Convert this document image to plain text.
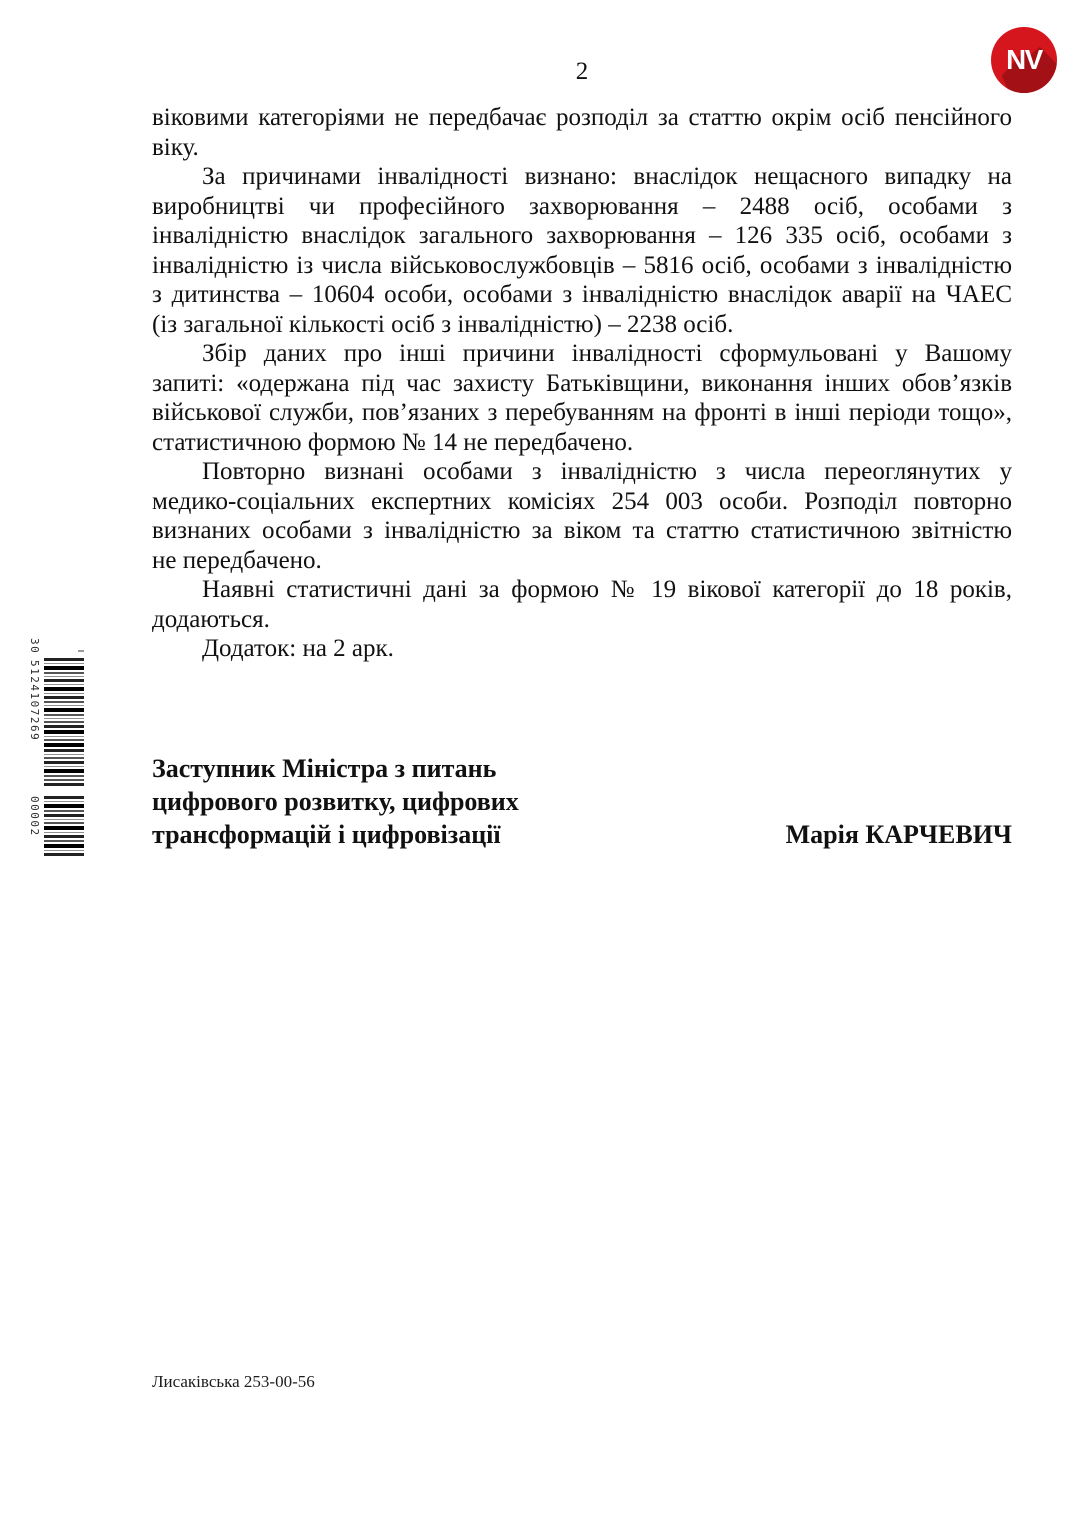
2	NV
віковими категоріями не передбачає розподіл за статтю окрім осіб пенсійного
віку.
За причинами інвалідності визнано: внаслідок нещасного випадку на
виробництві чи професійного захворювання – 2488 осіб, особами з
інвалідністю внаслідок загального захворювання – 126 335 осіб, особами з
інвалідністю із числа військовослужбовців – 5816 осіб, особами з інвалідністю
з дитинства – 10604 особи, особами з інвалідністю внаслідок аварії на ЧАЕС
(із загальної кількості осіб з інвалідністю) – 2238 осіб.
Збір даних про інші причини інвалідності сформульовані у Вашому
запиті: «одержана під час захисту Батьківщини, виконання інших обов’язків
військової служби, пов’язаних з перебуванням на фронті в інші періоди тощо»,
статистичною формою № 14 не передбачено.
Повторно визнані особами з інвалідністю з числа переоглянутих у
медико-соціальних експертних комісіях 254 003 особи. Розподіл повторно
визнаних особами з інвалідністю за віком та статтю статистичною звітністю
не передбачено.
Наявні статистичні дані за формою № 19 вікової категорії до 18 років,
додаються.
Додаток: на 2 арк.
Заступник Міністра з питань
цифрового розвитку, цифрових
трансформацій і цифровізації	Марія КАРЧЕВИЧ
30
5124107269
00002
Лисаківська 253-00-56
